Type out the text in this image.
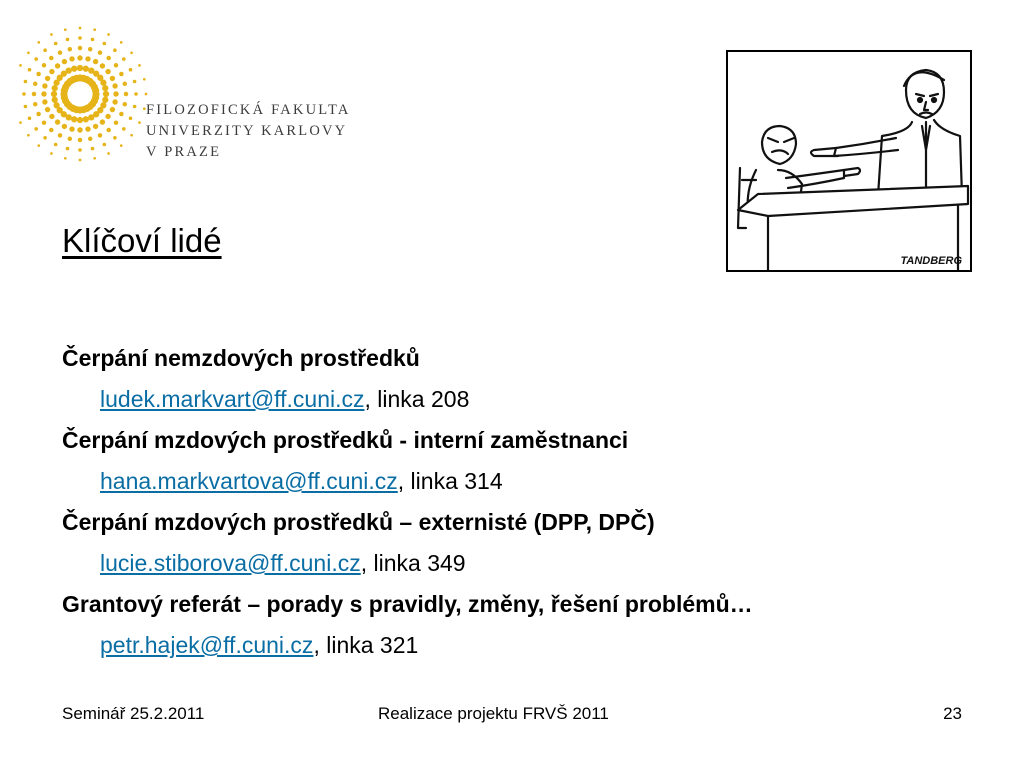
FILOZOFICKÁ FAKULTA
UNIVERZITY KARLOVY
V PRAZE
TANDBERG
Klíčoví lidé
Čerpání nemzdových prostředků
ludek.markvart@ff.cuni.cz, linka 208
Čerpání mzdových prostředků - interní zaměstnanci
hana.markvartova@ff.cuni.cz, linka 314
Čerpání mzdových prostředků – externisté (DPP, DPČ)
lucie.stiborova@ff.cuni.cz, linka 349
Grantový referát – porady s pravidly, změny, řešení problémů…
petr.hajek@ff.cuni.cz, linka 321
Seminář 25.2.2011	Realizace projektu FRVŠ 2011	23
